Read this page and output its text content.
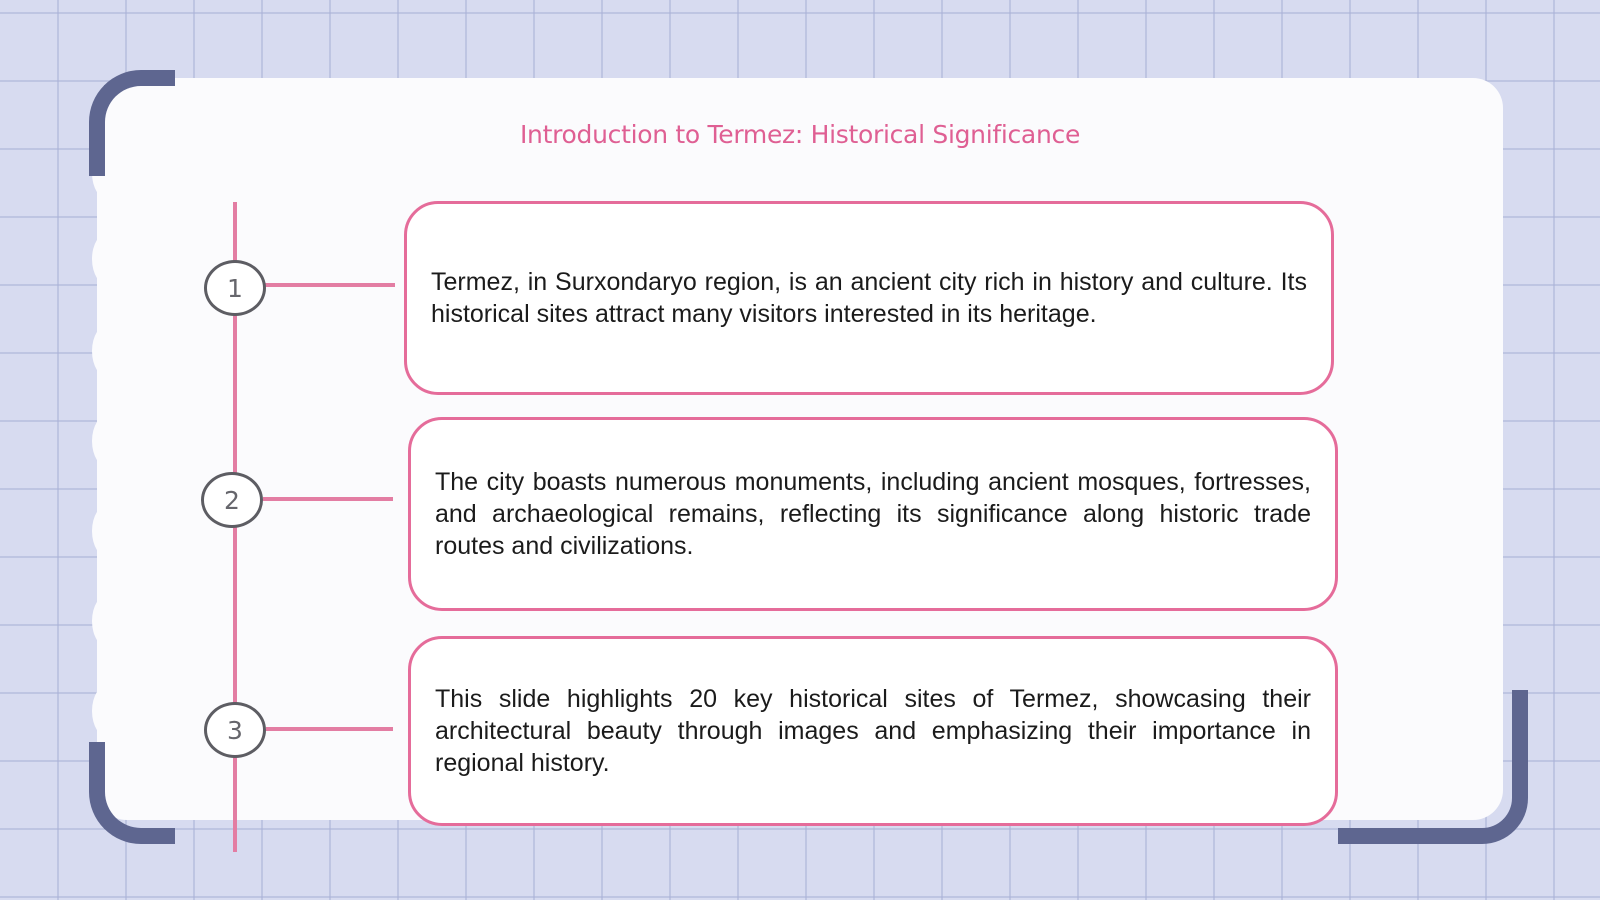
Introduction to Termez: Historical Significance
1
2
3

Termez, in Surxondaryo region, is an ancient city rich in history and culture. Its historical sites attract many visitors interested in its heritage.

The city boasts numerous monuments, including ancient mosques, fortresses, and archaeological remains, reflecting its significance along historic trade routes and civilizations.

This slide highlights 20 key historical sites of Termez, showcasing their architectural beauty through images and emphasizing their importance in regional history.
